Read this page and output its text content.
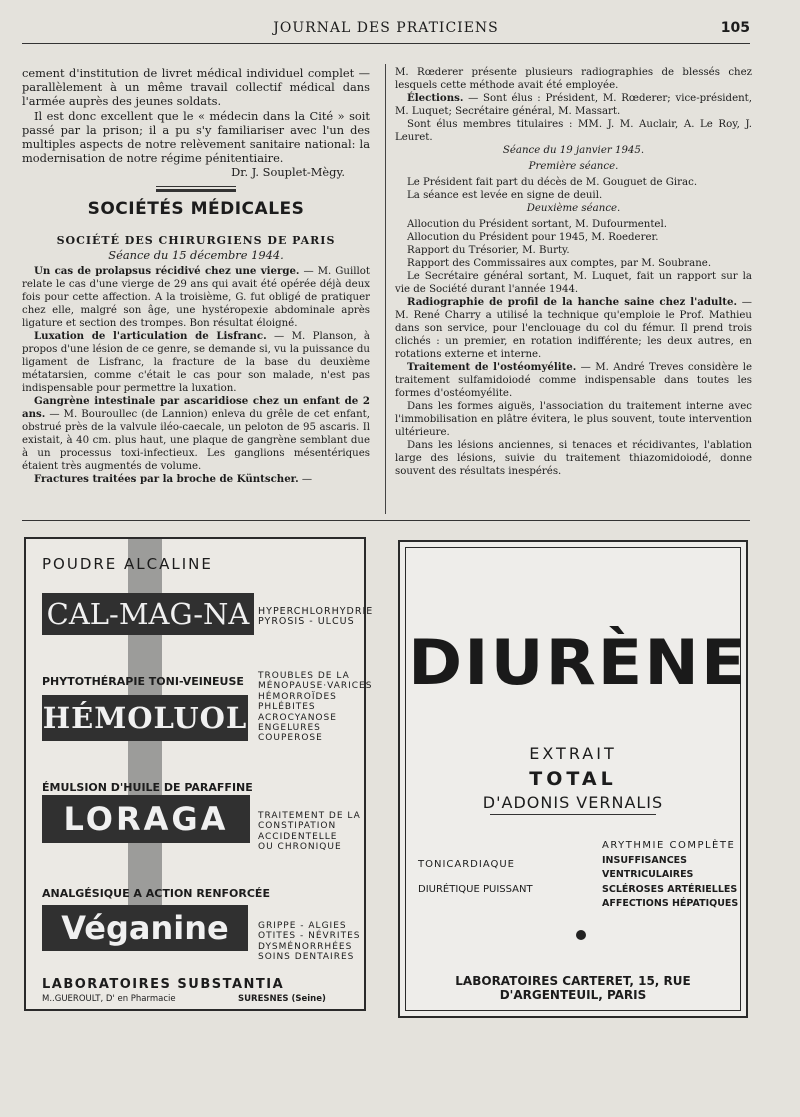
JOURNAL DES PRATICIENS	105

cement d'institution de livret médical individuel complet — parallèlement à un même travail collectif médical dans l'armée auprès des jeunes soldats.

Il est donc excellent que le « médecin dans la Cité » soit passé par la prison; il a pu s'y familiariser avec l'un des multiples aspects de notre relèvement sanitaire national: la modernisation de notre régime pénitentiaire.

Dr. J. Souplet-Mègy.

SOCIÉTÉS MÉDICALES

SOCIÉTÉ DES CHIRURGIENS DE PARIS

Séance du 15 décembre 1944.

Un cas de prolapsus récidivé chez une vierge. — M. Guillot relate le cas d'une vierge de 29 ans qui avait été opérée déjà deux fois pour cette affection. A la troisième, G. fut obligé de pratiquer chez elle, malgré son âge, une hystéropexie abdominale après ligature et section des trompes. Bon résultat éloigné.

Luxation de l'articulation de Lisfranc. — M. Planson, à propos d'une lésion de ce genre, se demande si, vu la puissance du ligament de Lisfranc, la fracture de la base du deuxième métatarsien, comme c'était le cas pour son malade, n'est pas indispensable pour permettre la luxation.

Gangrène intestinale par ascaridiose chez un enfant de 2 ans. — M. Bouroullec (de Lannion) enleva du grêle de cet enfant, obstrué près de la valvule iléo-caecale, un peloton de 95 ascaris. Il existait, à 40 cm. plus haut, une plaque de gangrène semblant due à un processus toxi-infectieux. Les ganglions mésentériques étaient très augmentés de volume.

Fractures traitées par la broche de Küntscher. —

M. Rœderer présente plusieurs radiographies de blessés chez lesquels cette méthode avait été employée.

Élections. — Sont élus : Président, M. Rœderer; vice-président, M. Luquet; Secrétaire général, M. Massart.

Sont élus membres titulaires : MM. J. M. Auclair, A. Le Roy, J. Leuret.

Séance du 19 janvier 1945.

Première séance.

Le Président fait part du décès de M. Gouguet de Girac.

La séance est levée en signe de deuil.

Deuxième séance.

Allocution du Président sortant, M. Dufourmentel.

Allocution du Président pour 1945, M. Roederer.

Rapport du Trésorier, M. Burty.

Rapport des Commissaires aux comptes, par M. Soubrane.

Le Secrétaire général sortant, M. Luquet, fait un rapport sur la vie de Société durant l'année 1944.

Radiographie de profil de la hanche saine chez l'adulte. — M. René Charry a utilisé la technique qu'emploie le Prof. Mathieu dans son service, pour l'enclouage du col du fémur. Il prend trois clichés : un premier, en rotation indifférente; les deux autres, en rotations externe et interne.

Traitement de l'ostéomyélite. — M. André Treves considère le traitement sulfamidoiodé comme indispensable dans toutes les formes d'ostéomyélite.

Dans les formes aiguës, l'association du traitement interne avec l'immobilisation en plâtre évitera, le plus souvent, toute intervention ultérieure.

Dans les lésions anciennes, si tenaces et récidivantes, l'ablation large des lésions, suivie du traitement thiazomidoiodé, donne souvent des résultats inespérés.

POUDRE ALCALINE
CAL-MAG-NA HYPERCHLORHYDRIE
PYROSIS - ULCUS
PHYTOTHÉRAPIE TONI-VEINEUSE
HÉMOLUOL
TROUBLES DE LA
MÉNOPAUSE·VARICES
HÉMORROÏDES
PHLÉBITES
ACROCYANOSE
ENGELURES
COUPEROSE
ÉMULSION D'HUILE DE PARAFFINE
LORAGA	TRAITEMENT DE LA
CONSTIPATION
ACCIDENTELLE
OU CHRONIQUE
ANALGÉSIQUE A ACTION RENFORCÉE
Véganine	GRIPPE - ALGIES
OTITES - NÉVRITES
DYSMÉNORRHÉES
SOINS DENTAIRES
LABORATOIRES SUBSTANTIA
M..GUEROULT, D' en Pharmacie	SURESNES (Seine)
DIURÈNE
EXTRAIT
TOTAL
D'ADONIS VERNALIS
TONICARDIAQUE
DIURÉTIQUE PUISSANT
ARYTHMIE COMPLÈTE
INSUFFISANCES VENTRICULAIRES
SCLÉROSES ARTÉRIELLES
AFFECTIONS HÉPATIQUES
LABORATOIRES CARTERET, 15, RUE D'ARGENTEUIL, PARIS
